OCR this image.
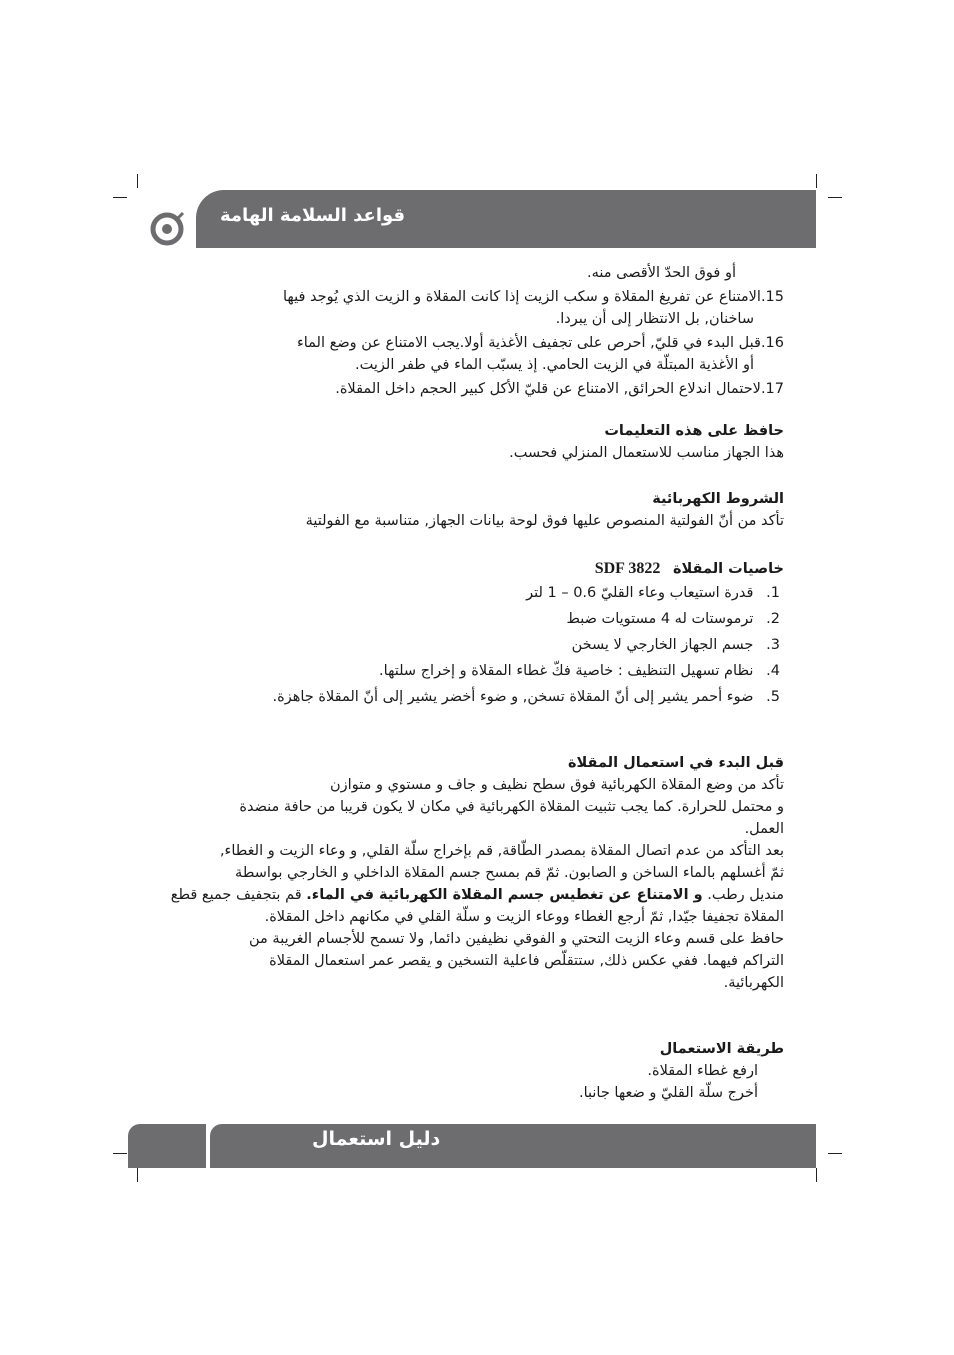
قواعد السلامة الهامة
أو فوق الحدّ الأقصى منه.
15.الامتناع عن تفريغ المقلاة و سكب الزيت إذا كانت المقلاة و الزيت الذي يُوجد فيها
ساخنان, بل الانتظار إلى أن يبردا.
16.قبل البدء في قليّ, أحرص على تجفيف الأغذية أولا.يجب الامتناع عن وضع الماء
أو الأغذية المبتلّة في الزيت الحامي. إذ يسبّب الماء في طفر الزيت.
17.لاحتمال اندلاع الحرائق, الامتناع عن قليّ الأكل كبير الحجم داخل المقلاة.
حافظ على هذه التعليمات
هذا الجهاز مناسب للاستعمال المنزلي فحسب.
الشروط الكهربائية
تأكد من أنّ الفولتية المنصوص عليها فوق لوحة بيانات الجهاز, متناسبة مع الفولتية
خاصيات المقلاة SDF 3822
1. قدرة استيعاب وعاء القليّ 0.6 – 1 لتر
2. ترموستات له 4 مستويات ضبط
3. جسم الجهاز الخارجي لا يسخن
4. نظام تسهيل التنظيف : خاصية فكّ غطاء المقلاة و إخراج سلتها.
5. ضوء أحمر يشير إلى أنّ المقلاة تسخن, و ضوء أخضر يشير إلى أنّ المقلاة جاهزة.
قبل البدء في استعمال المقلاة
تأكد من وضع المقلاة الكهربائية فوق سطح نظيف و جاف و مستوي و متوازن
و محتمل للحرارة. كما يجب تثبيت المقلاة الكهربائية في مكان لا يكون قريبا من حافة منضدة
العمل.
بعد التأكد من عدم اتصال المقلاة بمصدر الطّاقة, قم بإخراج سلّة القلي, و وعاء الزيت و الغطاء,
ثمّ أغسلهم بالماء الساخن و الصابون. ثمّ قم بمسح جسم المقلاة الداخلي و الخارجي بواسطة
منديل رطب. و الامتناع عن تغطيس جسم المقلاة الكهربائية في الماء. قم بتجفيف جميع قطع
المقلاة تجفيفا جيّدا, ثمّ أرجع الغطاء ووعاء الزيت و سلّة القلي في مكانهم داخل المقلاة.
حافظ على قسم وعاء الزيت التحتي و الفوقي نظيفين دائما, ولا تسمح للأجسام الغريبة من
التراكم فيهما. ففي عكس ذلك, ستتقلّص فاعلية التسخين و يقصر عمر استعمال المقلاة
الكهربائية.
طريقة الاستعمال
ارفع غطاء المقلاة.
أخرج سلّة القليّ و ضعها جانبا.
دليل استعمال
